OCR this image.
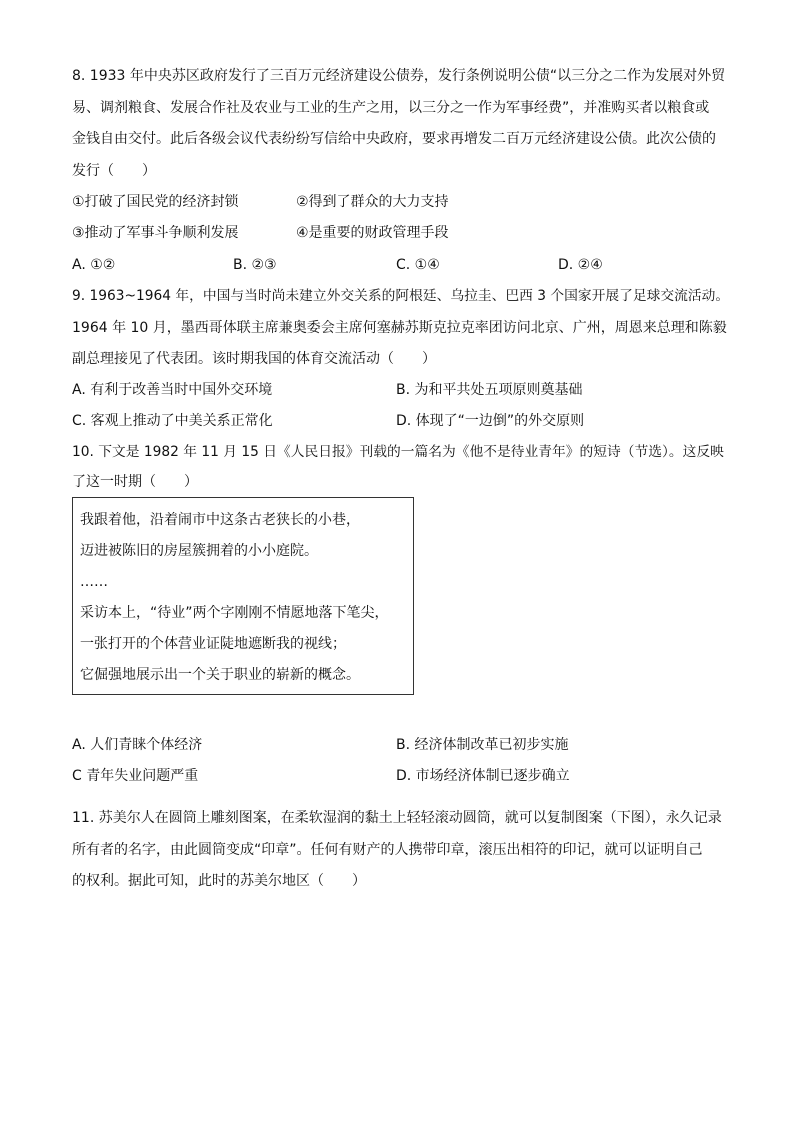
8. 1933 年中央苏区政府发行了三百万元经济建设公债券，发行条例说明公债“以三分之二作为发展对外贸
易、调剂粮食、发展合作社及农业与工业的生产之用，以三分之一作为军事经费”，并准购买者以粮食或
金钱自由交付。此后各级会议代表纷纷写信给中央政府，要求再增发二百万元经济建设公债。此次公债的
发行（　　）
①打破了国民党的经济封锁	②得到了群众的大力支持
③推动了军事斗争顺利发展	④是重要的财政管理手段
A. ①②	B. ②③	C. ①④	D. ②④
9. 1963~1964 年，中国与当时尚未建立外交关系的阿根廷、乌拉圭、巴西 3 个国家开展了足球交流活动。
1964 年 10 月，墨西哥体联主席兼奥委会主席何塞赫苏斯克拉克率团访问北京、广州，周恩来总理和陈毅
副总理接见了代表团。该时期我国的体育交流活动（　　）
A. 有利于改善当时中国外交环境	B. 为和平共处五项原则奠基础
C. 客观上推动了中美关系正常化	D. 体现了“一边倒”的外交原则
10. 下文是 1982 年 11 月 15 日《人民日报》刊载的一篇名为《他不是待业青年》的短诗（节选）。这反映
了这一时期（　　）
我跟着他，沿着闹市中这条古老狭长的小巷，
迈进被陈旧的房屋簇拥着的小小庭院。
……
采访本上，“待业”两个字刚刚不情愿地落下笔尖，
一张打开的个体营业证陡地遮断我的视线；
它倔强地展示出一个关于职业的崭新的概念。
A. 人们青睐个体经济	B. 经济体制改革已初步实施
C 青年失业问题严重	D. 市场经济体制已逐步确立
11. 苏美尔人在圆筒上雕刻图案，在柔软湿润的黏土上轻轻滚动圆筒，就可以复制图案（下图），永久记录
所有者的名字，由此圆筒变成“印章”。任何有财产的人携带印章，滚压出相符的印记，就可以证明自己
的权利。据此可知，此时的苏美尔地区（　　）
